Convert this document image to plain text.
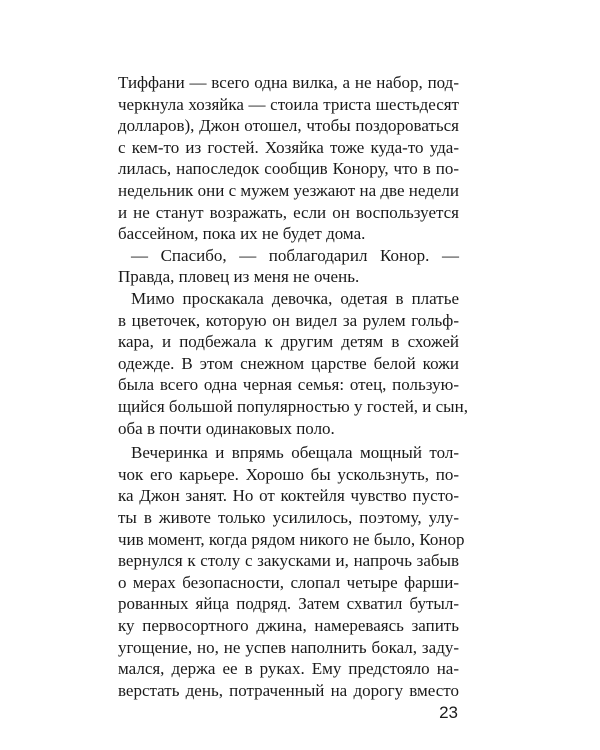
Тиффани — всего одна вилка, а не набор, под-
черкнула хозяйка — стоила триста шестьдесят
долларов), Джон отошел, чтобы поздороваться
с кем-то из гостей. Хозяйка тоже куда-то уда-
лилась, напоследок сообщив Конору, что в по-
недельник они с мужем уезжают на две недели
и не станут возражать, если он воспользуется
бассейном, пока их не будет дома.
— Спасибо, — поблагодарил Конор. —
Правда, пловец из меня не очень.
Мимо проскакала девочка, одетая в платье
в цветочек, которую он видел за рулем гольф-
кара, и подбежала к другим детям в схожей
одежде. В этом снежном царстве белой кожи
была всего одна черная семья: отец, пользую-
щийся большой популярностью у гостей, и сын,
оба в почти одинаковых поло.
Вечеринка и впрямь обещала мощный тол-
чок его карьере. Хорошо бы ускользнуть, по-
ка Джон занят. Но от коктейля чувство пусто-
ты в животе только усилилось, поэтому, улу-
чив момент, когда рядом никого не было, Конор
вернулся к столу с закусками и, напрочь забыв
о мерах безопасности, слопал четыре фарши-
рованных яйца подряд. Затем схватил бутыл-
ку первосортного джина, намереваясь запить
угощение, но, не успев наполнить бокал, заду-
мался, держа ее в руках. Ему предстояло на-
верстать день, потраченный на дорогу вместо
23
